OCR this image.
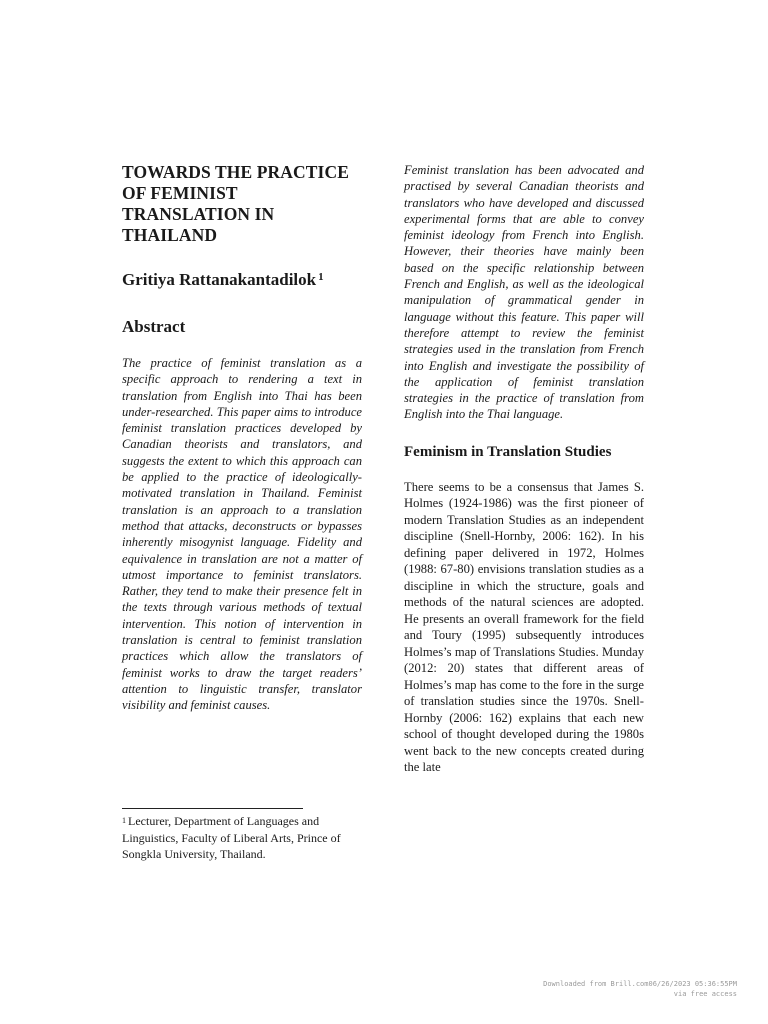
TOWARDS THE PRACTICE OF FEMINIST TRANSLATION IN THAILAND
Gritiya Rattanakantadilok $^1$
Abstract

The practice of feminist translation as a specific approach to rendering a text in translation from English into Thai has been under-researched. This paper aims to introduce feminist translation practices developed by Canadian theorists and translators, and suggests the extent to which this approach can be applied to the practice of ideologically-motivated translation in Thailand. Feminist translation is an approach to a translation method that attacks, deconstructs or bypasses inherently misogynist language. Fidelity and equivalence in translation are not a matter of utmost importance to feminist translators. Rather, they tend to make their presence felt in the texts through various methods of textual intervention. This notion of intervention in translation is central to feminist translation practices which allow the translators of feminist works to draw the target readers’ attention to linguistic transfer, translator visibility and feminist causes.

Feminist translation has been advocated and practised by several Canadian theorists and translators who have developed and discussed experimental forms that are able to convey feminist ideology from French into English. However, their theories have mainly been based on the specific relationship between French and English, as well as the ideological manipulation of grammatical gender in language without this feature. This paper will therefore attempt to review the feminist strategies used in the translation from French into English and investigate the possibility of the application of feminist translation strategies in the practice of translation from English into the Thai language.

Feminism in Translation Studies

There seems to be a consensus that James S. Holmes (1924-1986) was the first pioneer of modern Translation Studies as an independent discipline (Snell-Hornby, 2006: 162). In his defining paper delivered in 1972, Holmes (1988: 67-80) envisions translation studies as a discipline in which the structure, goals and methods of the natural sciences are adopted. He presents an overall framework for the field and Toury (1995) subsequently introduces Holmes’s map of Translations Studies. Munday (2012: 20) states that different areas of Holmes’s map has come to the fore in the surge of translation studies since the 1970s. Snell-Hornby (2006: 162) explains that each new school of thought developed during the 1980s went back to the new concepts created during the late

$^1$ Lecturer, Department of Languages and Linguistics, Faculty of Liberal Arts, Prince of Songkla University, Thailand.

Downloaded from Brill.com06/26/2023 05:36:55PM
via free access
